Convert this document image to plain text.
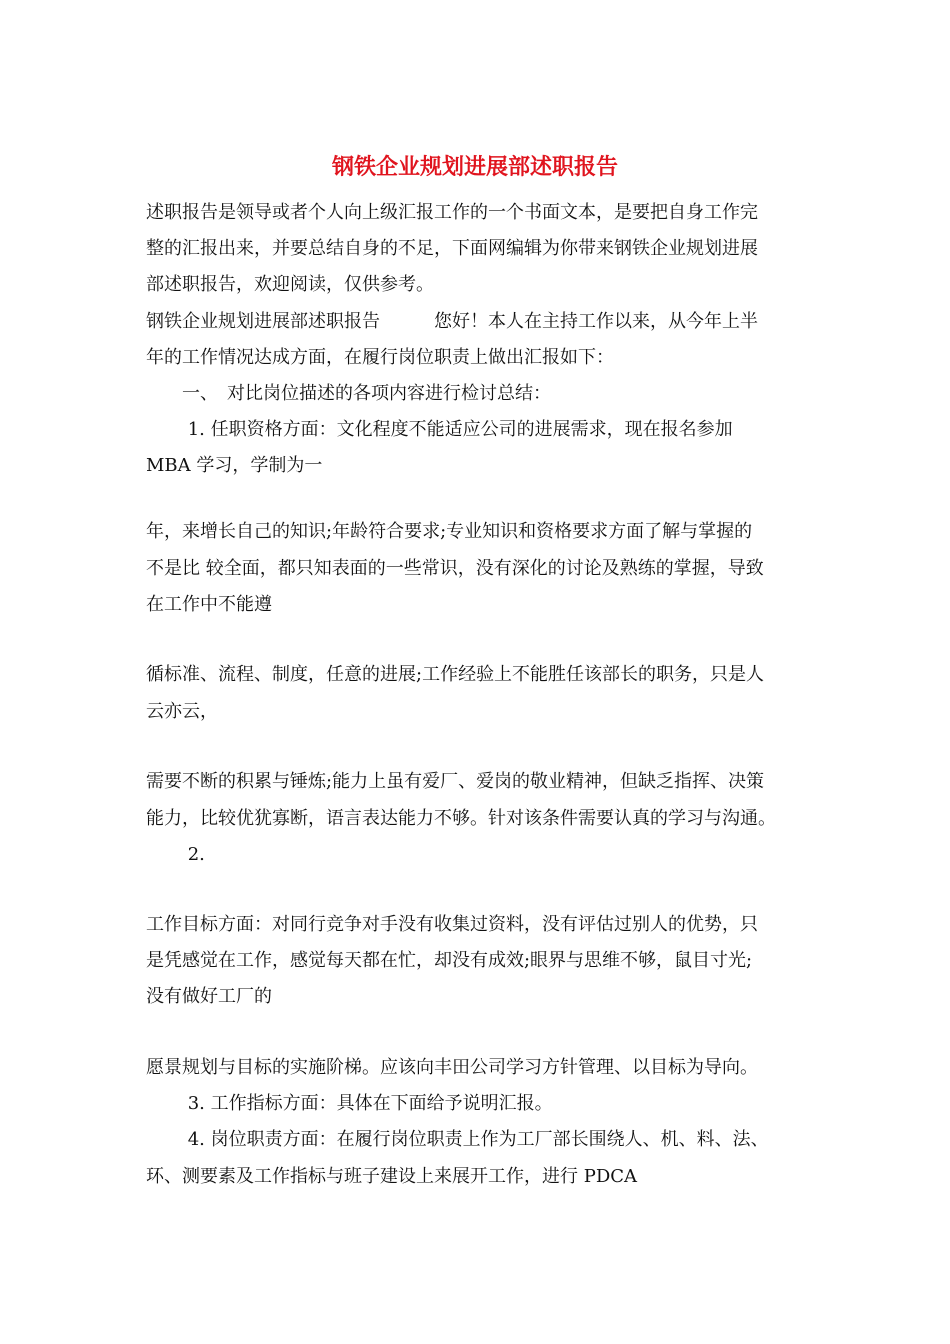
钢铁企业规划进展部述职报告
述职报告是领导或者个人向上级汇报工作的一个书面文本，是要把自身工作完
整的汇报出来，并要总结自身的不足，下面网编辑为你带来钢铁企业规划进展
部述职报告，欢迎阅读，仅供参考。
钢铁企业规划进展部述职报告　　　您好！本人在主持工作以来，从今年上半
年的工作情况达成方面，在履行岗位职责上做出汇报如下：
　　一、　对比岗位描述的各项内容进行检讨总结：
　　 1. 任职资格方面：文化程度不能适应公司的进展需求，现在报名参加
MBA 学习，学制为一
年，来增长自己的知识;年龄符合要求;专业知识和资格要求方面了解与掌握的
不是比 较全面，都只知表面的一些常识，没有深化的讨论及熟练的掌握，导致
在工作中不能遵
循标准、流程、制度，任意的进展;工作经验上不能胜任该部长的职务，只是人
云亦云，
需要不断的积累与锤炼;能力上虽有爱厂、爱岗的敬业精神，但缺乏指挥、决策
能力，比较优犹寡断，语言表达能力不够。针对该条件需要认真的学习与沟通。
　　 2.
工作目标方面：对同行竞争对手没有收集过资料，没有评估过别人的优势，只
是凭感觉在工作，感觉每天都在忙，却没有成效;眼界与思维不够，鼠目寸光;
没有做好工厂的
愿景规划与目标的实施阶梯。应该向丰田公司学习方针管理、以目标为导向。
　　 3. 工作指标方面：具体在下面给予说明汇报。
　　 4. 岗位职责方面：在履行岗位职责上作为工厂部长围绕人、机、料、法、
环、测要素及工作指标与班子建设上来展开工作，进行 PDCA
